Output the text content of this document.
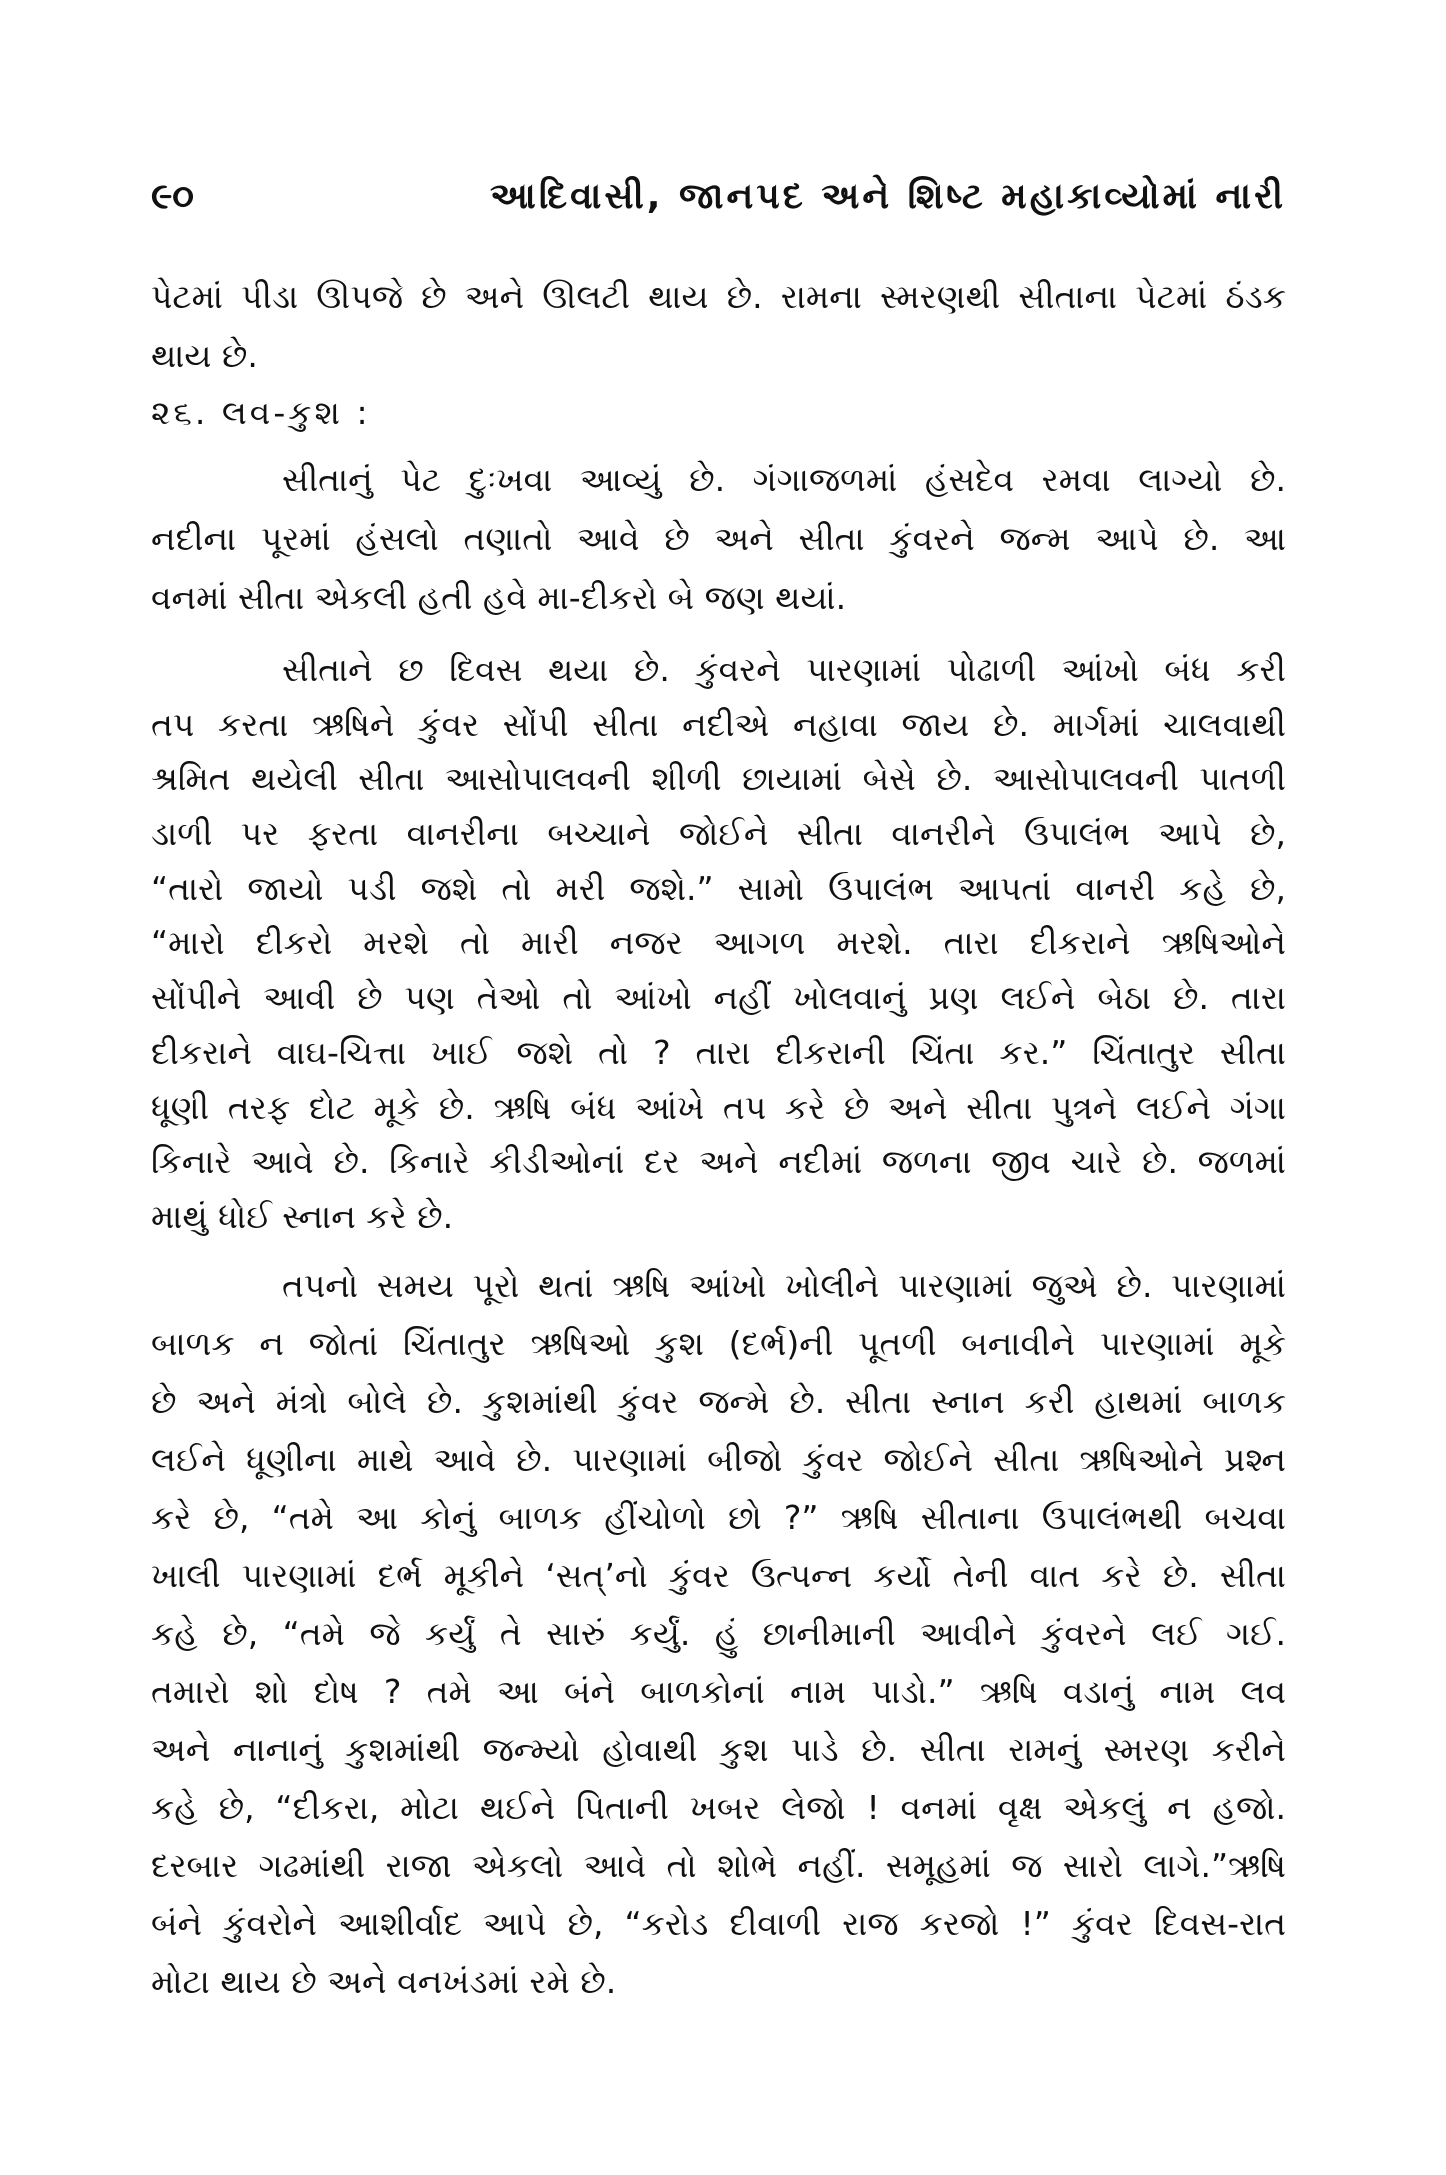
૯૦	આદિવાસી, જાનપદ અને શિષ્ટ મહાકાવ્યોમાં નારી
પેટમાં પીડા ઊપજે છે અને ઊલટી થાય છે. રામના સ્મરણથી સીતાના પેટમાં ઠંડક
થાય છે.
૨૬. લવ-કુશ :
સીતાનું પેટ દુઃખવા આવ્યું છે. ગંગાજળમાં હંસદેવ રમવા લાગ્યો છે.
નદીના પૂરમાં હંસલો તણાતો આવે છે અને સીતા કુંવરને જન્મ આપે છે. આ
વનમાં સીતા એકલી હતી હવે મા-દીકરો બે જણ થયાં.
સીતાને છ દિવસ થયા છે. કુંવરને પારણામાં પોઢાળી આંખો બંધ કરી
તપ કરતા ઋષિને કુંવર સોંપી સીતા નદીએ નહાવા જાય છે. માર્ગમાં ચાલવાથી
શ્રમિત થયેલી સીતા આસોપાલવની શીળી છાયામાં બેસે છે. આસોપાલવની પાતળી
ડાળી પર ફરતા વાનરીના બચ્ચાને જોઈને સીતા વાનરીને ઉપાલંભ આપે છે,
“તારો જાયો પડી જશે તો મરી જશે.” સામો ઉપાલંભ આપતાં વાનરી કહે છે,
“મારો દીકરો મરશે તો મારી નજર આગળ મરશે. તારા દીકરાને ઋષિઓને
સોંપીને આવી છે પણ તેઓ તો આંખો નહીં ખોલવાનું પ્રણ લઈને બેઠા છે. તારા
દીકરાને વાઘ-ચિત્તા ખાઈ જશે તો ? તારા દીકરાની ચિંતા કર.” ચિંતાતુર સીતા
ધૂણી તરફ દોટ મૂકે છે. ઋષિ બંધ આંખે તપ કરે છે અને સીતા પુત્રને લઈને ગંગા
કિનારે આવે છે. કિનારે કીડીઓનાં દર અને નદીમાં જળના જીવ ચારે છે. જળમાં
માથું ધોઈ સ્નાન કરે છે.
તપનો સમય પૂરો થતાં ઋષિ આંખો ખોલીને પારણામાં જુએ છે. પારણામાં
બાળક ન જોતાં ચિંતાતુર ઋષિઓ કુશ (દર્ભ)ની પૂતળી બનાવીને પારણામાં મૂકે
છે અને મંત્રો બોલે છે. કુશમાંથી કુંવર જન્મે છે. સીતા સ્નાન કરી હાથમાં બાળક
લઈને ધૂણીના માથે આવે છે. પારણામાં બીજો કુંવર જોઈને સીતા ઋષિઓને પ્રશ્ન
કરે છે, “તમે આ કોનું બાળક હીંચોળો છો ?” ઋષિ સીતાના ઉપાલંભથી બચવા
ખાલી પારણામાં દર્ભ મૂકીને ‘સત્’નો કુંવર ઉત્પન્ન કર્યો તેની વાત કરે છે. સીતા
કહે છે, “તમે જે કર્યું તે સારું કર્યું. હું છાનીમાની આવીને કુંવરને લઈ ગઈ.
તમારો શો દોષ ? તમે આ બંને બાળકોનાં નામ પાડો.” ઋષિ વડાનું નામ લવ
અને નાનાનું કુશમાંથી જન્મ્યો હોવાથી કુશ પાડે છે. સીતા રામનું સ્મરણ કરીને
કહે છે, “દીકરા, મોટા થઈને પિતાની ખબર લેજો ! વનમાં વૃક્ષ એકલું ન હજો.
દરબાર ગઢમાંથી રાજા એકલો આવે તો શોભે નહીં. સમૂહમાં જ સારો લાગે.”ઋષિ
બંને કુંવરોને આશીર્વાદ આપે છે, “કરોડ દીવાળી રાજ કરજો !” કુંવર દિવસ-રાત
મોટા થાય છે અને વનખંડમાં રમે છે.
